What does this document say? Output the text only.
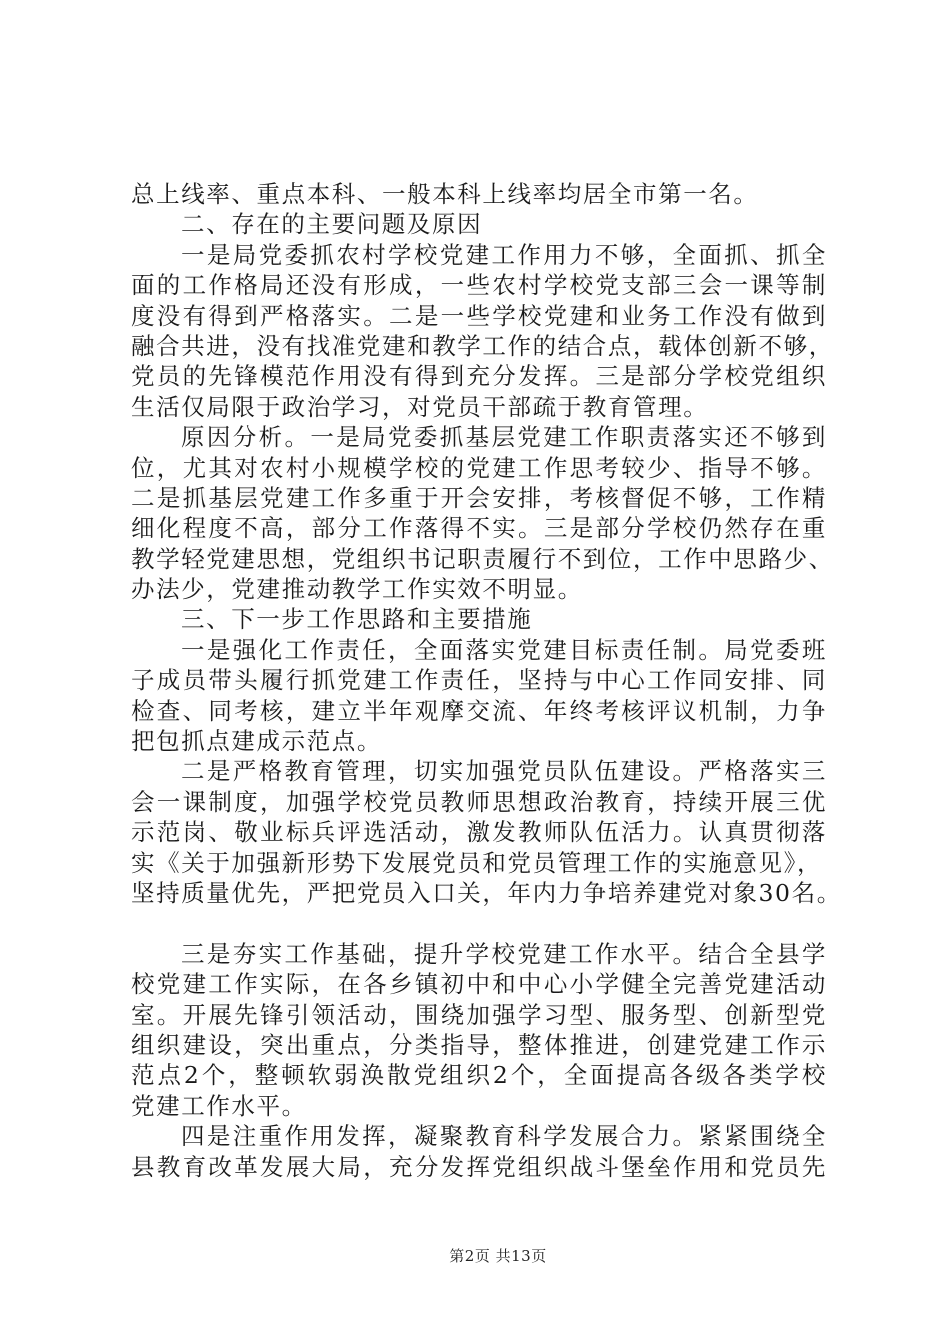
总上线率、重点本科、一般本科上线率均居全市第一名。
二、存在的主要问题及原因
一是局党委抓农村学校党建工作用力不够，全面抓、抓全
面的工作格局还没有形成，一些农村学校党支部三会一课等制
度没有得到严格落实。二是一些学校党建和业务工作没有做到
融合共进，没有找准党建和教学工作的结合点，载体创新不够，
党员的先锋模范作用没有得到充分发挥。三是部分学校党组织
生活仅局限于政治学习，对党员干部疏于教育管理。
原因分析。一是局党委抓基层党建工作职责落实还不够到
位，尤其对农村小规模学校的党建工作思考较少、指导不够。
二是抓基层党建工作多重于开会安排，考核督促不够，工作精
细化程度不高，部分工作落得不实。三是部分学校仍然存在重
教学轻党建思想，党组织书记职责履行不到位，工作中思路少、
办法少，党建推动教学工作实效不明显。
三、下一步工作思路和主要措施
一是强化工作责任，全面落实党建目标责任制。局党委班
子成员带头履行抓党建工作责任，坚持与中心工作同安排、同
检查、同考核，建立半年观摩交流、年终考核评议机制，力争
把包抓点建成示范点。
二是严格教育管理，切实加强党员队伍建设。严格落实三
会一课制度，加强学校党员教师思想政治教育，持续开展三优
示范岗、敬业标兵评选活动，激发教师队伍活力。认真贯彻落
实《关于加强新形势下发展党员和党员管理工作的实施意见》，
坚持质量优先，严把党员入口关，年内力争培养建党对象30名。
三是夯实工作基础，提升学校党建工作水平。结合全县学
校党建工作实际，在各乡镇初中和中心小学健全完善党建活动
室。开展先锋引领活动，围绕加强学习型、服务型、创新型党
组织建设，突出重点，分类指导，整体推进，创建党建工作示
范点2个，整顿软弱涣散党组织2个，全面提高各级各类学校
党建工作水平。
四是注重作用发挥，凝聚教育科学发展合力。紧紧围绕全
县教育改革发展大局，充分发挥党组织战斗堡垒作用和党员先
第2页 共13页
